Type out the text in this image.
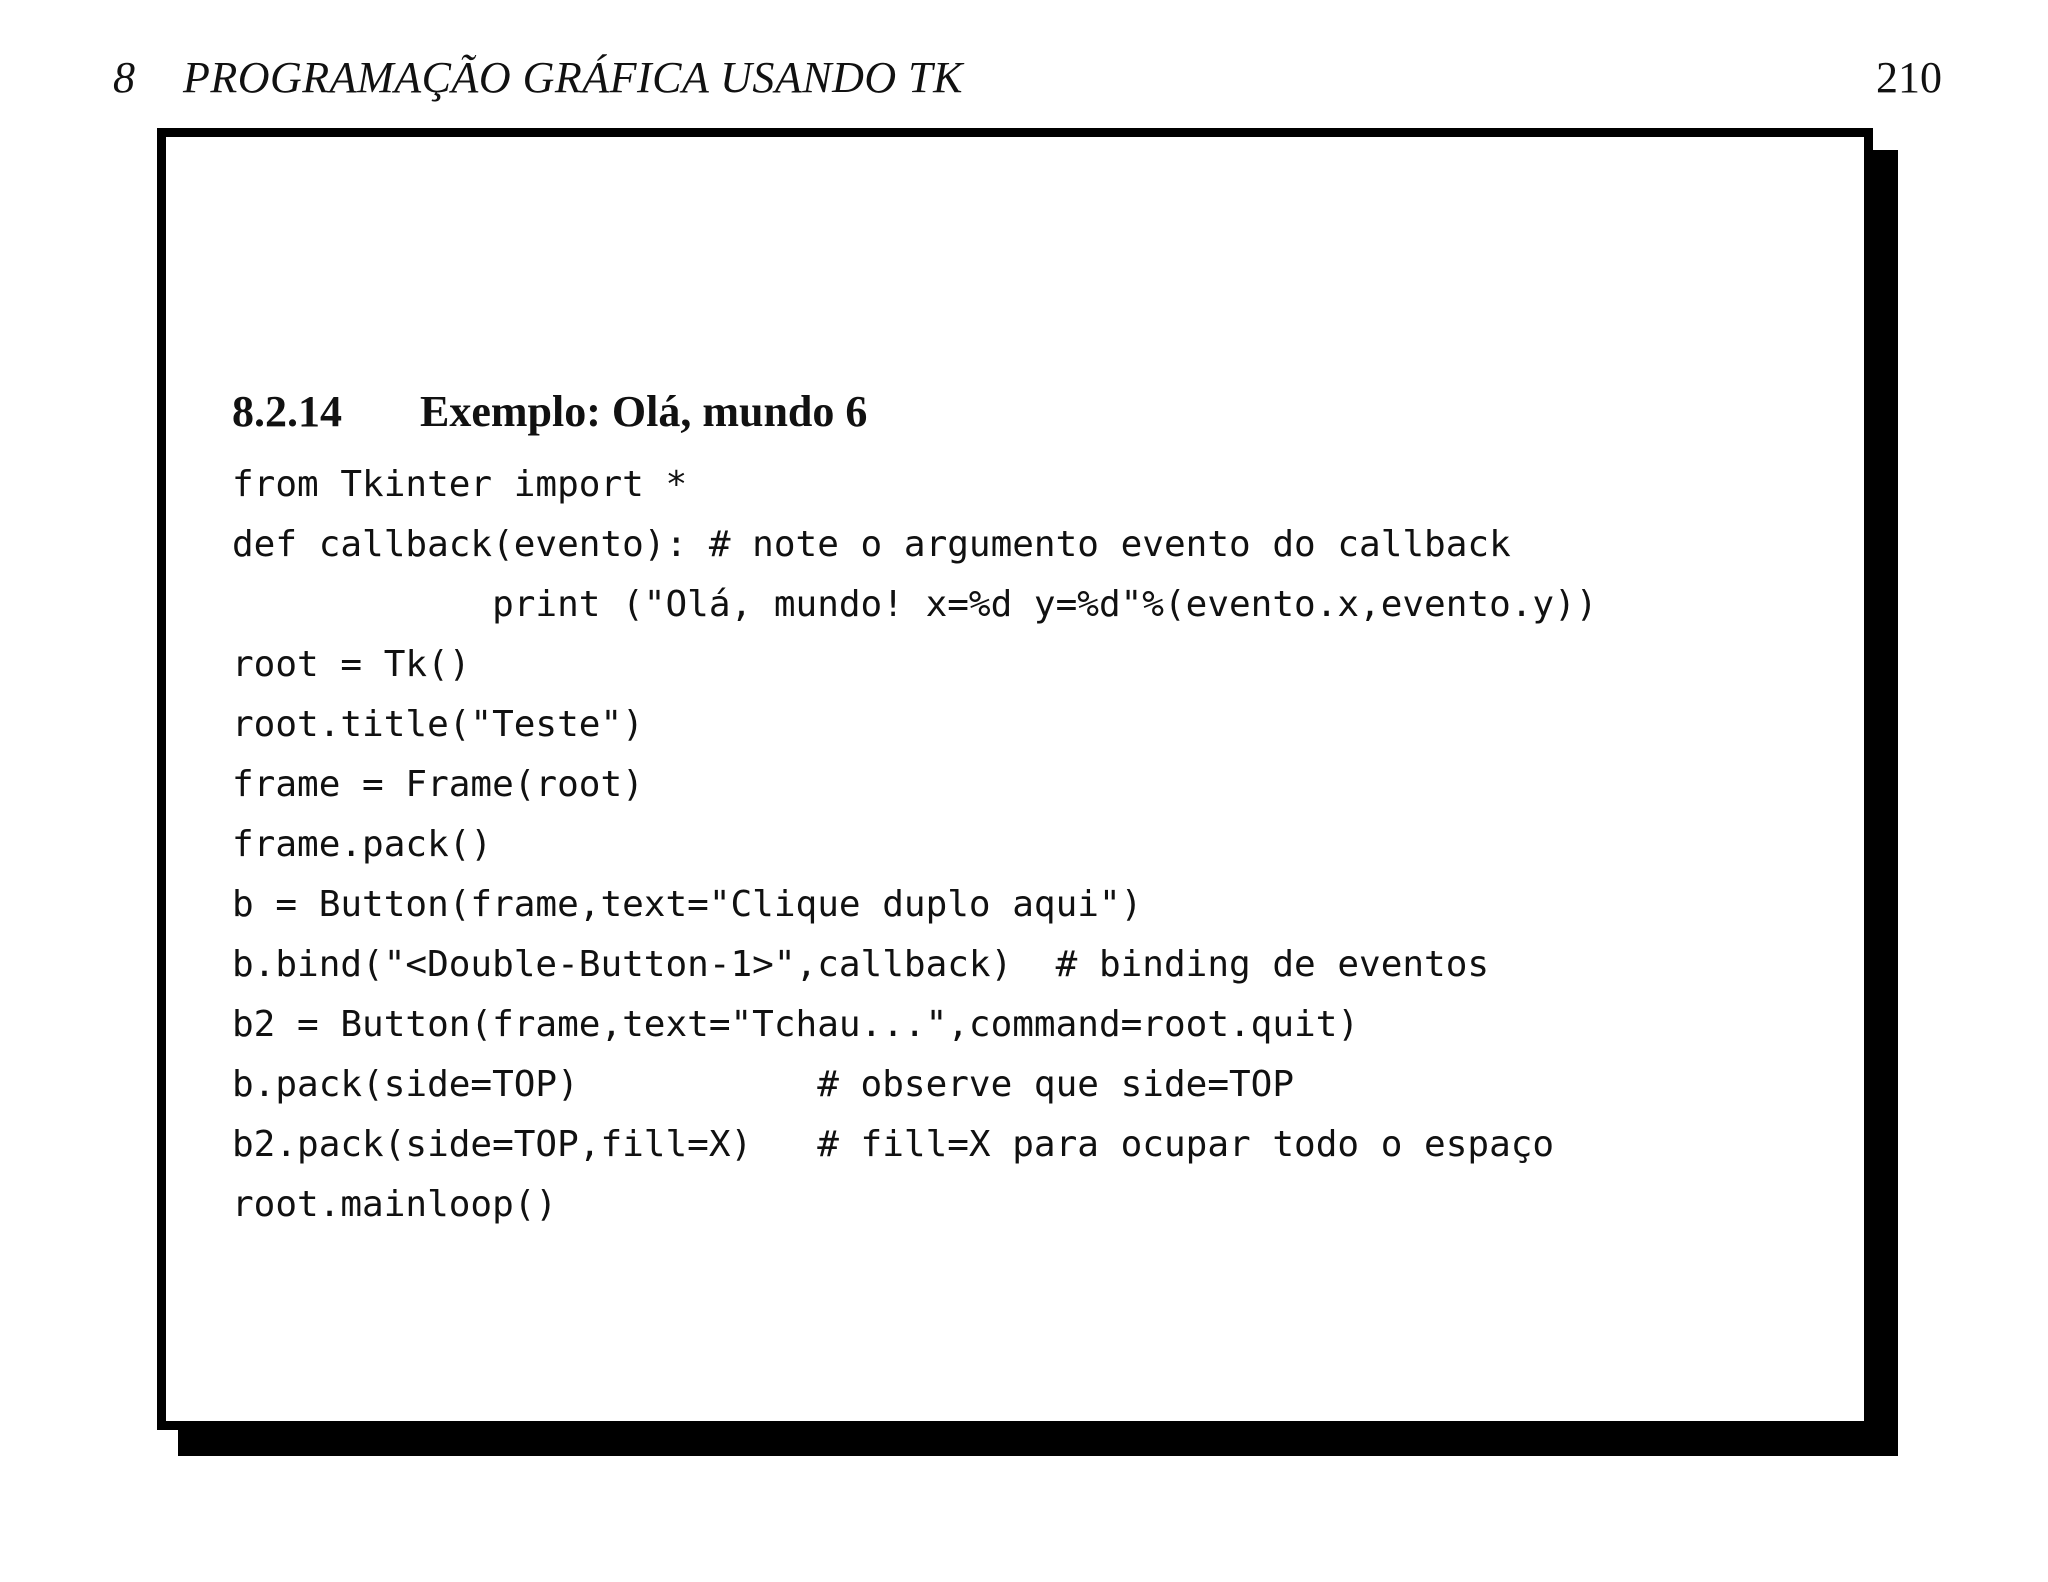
8	PROGRAMAÇÃO GRÁFICA USANDO TK	210
8.2.14 Exemplo: Olá, mundo 6
from Tkinter import *
def callback(evento): # note o argumento evento do callback
print ("Olá, mundo! x=%d y=%d"%(evento.x,evento.y))
root = Tk()
root.title("Teste")
frame = Frame(root)
frame.pack()
b = Button(frame,text="Clique duplo aqui")
b.bind("<Double-Button-1>",callback)  # binding de eventos
b2 = Button(frame,text="Tchau...",command=root.quit)
b.pack(side=TOP)           # observe que side=TOP
b2.pack(side=TOP,fill=X)   # fill=X para ocupar todo o espaço
root.mainloop()
